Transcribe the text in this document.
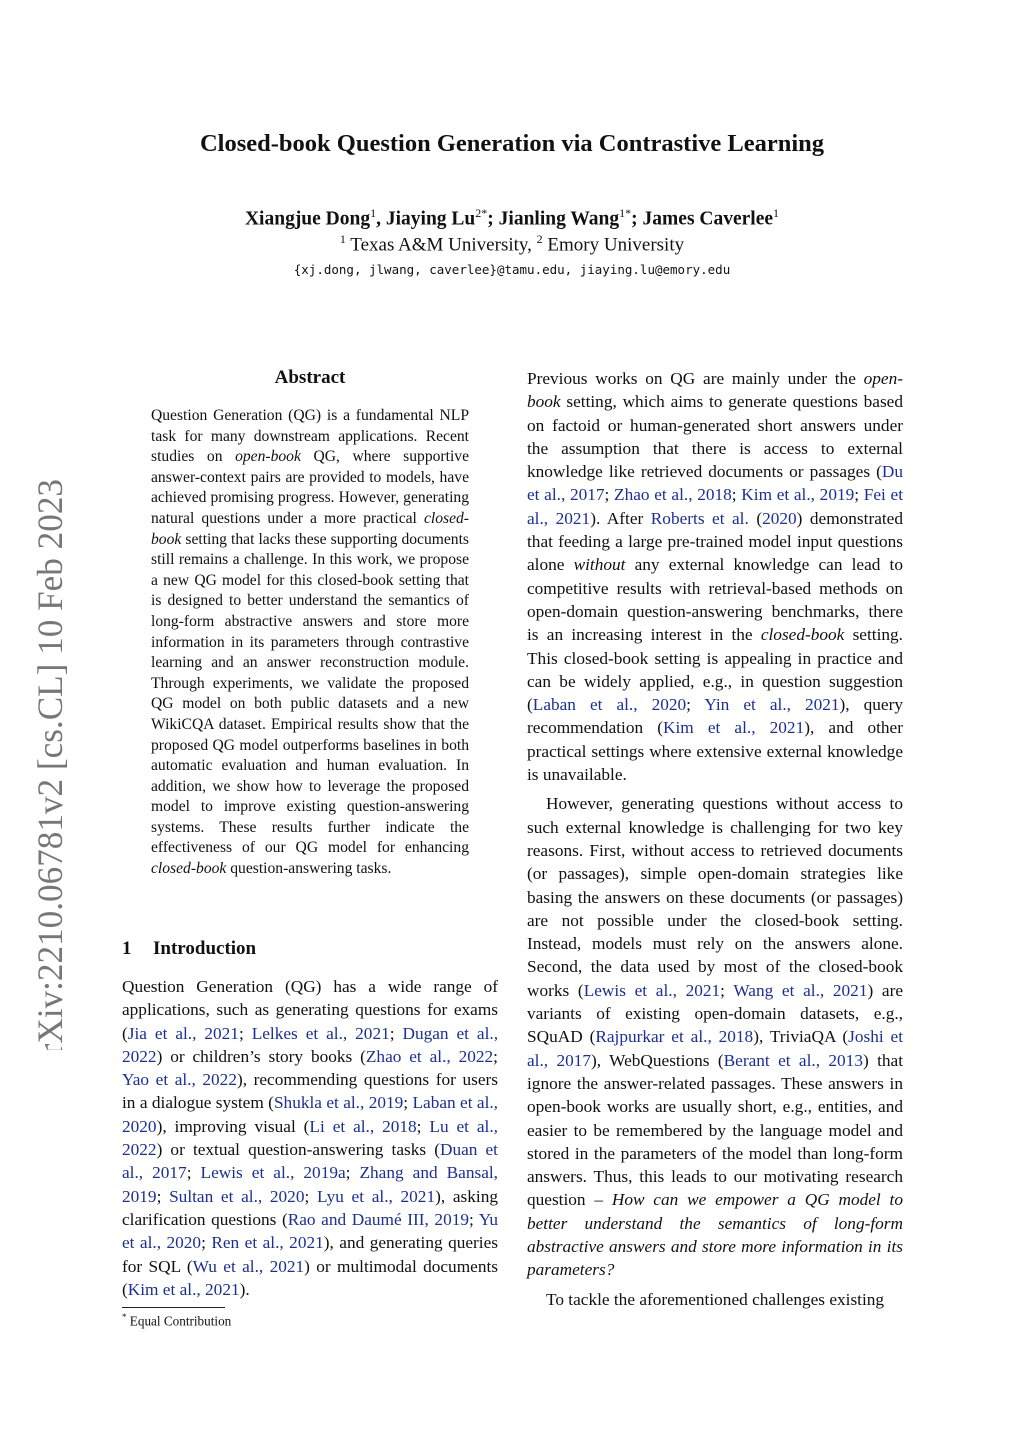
arXiv:2210.06781v2 [cs.CL] 10 Feb 2023
Closed-book Question Generation via Contrastive Learning
Xiangjue Dong$^1$, Jiaying $Lu^{2*}$; Jianling Wang$^{1*}$; James Caverlee$^1$
$^1$ Texas A&M University, $^2$ Emory University
{xj.dong, jlwang, caverlee}@tamu.edu, jiaying.lu@emory.edu
Abstract
Question Generation (QG) is a fundamental NLP task for many downstream applications. Recent studies on open-book QG, where supportive answer-context pairs are provided to models, have achieved promising progress. However, generating natural questions under a more practical closed-book setting that lacks these supporting documents still remains a challenge. In this work, we propose a new QG model for this closed-book setting that is designed to better understand the semantics of long-form abstractive answers and store more information in its parameters through contrastive learning and an answer reconstruction module. Through experiments, we validate the proposed QG model on both public datasets and a new WikiCQA dataset. Empirical results show that the proposed QG model outperforms baselines in both automatic evaluation and human evaluation. In addition, we show how to leverage the proposed model to improve existing question-answering systems. These results further indicate the effectiveness of our QG model for enhancing closed-book question-answering tasks.
1 Introduction
Question Generation (QG) has a wide range of applications, such as generating questions for exams (Jia et al., 2021; Lelkes et al., 2021; Dugan et al., 2022) or children’s story books (Zhao et al., 2022; Yao et al., 2022), recommending questions for users in a dialogue system (Shukla et al., 2019; Laban et al., 2020), improving visual (Li et al., 2018; Lu et al., 2022) or textual question-answering tasks (Duan et al., 2017; Lewis et al., 2019a; Zhang and Bansal, 2019; Sultan et al., 2020; Lyu et al., 2021), asking clarification questions (Rao and Daumé III, 2019; Yu et al., 2020; Ren et al., 2021), and generating queries for SQL (Wu et al., 2021) or multimodal documents (Kim et al., 2021).
* Equal Contribution

Previous works on QG are mainly under the open-book setting, which aims to generate questions based on factoid or human-generated short answers under the assumption that there is access to external knowledge like retrieved documents or passages (Du et al., 2017; Zhao et al., 2018; Kim et al., 2019; Fei et al., 2021). After Roberts et al. (2020) demonstrated that feeding a large pre-trained model input questions alone without any external knowledge can lead to competitive results with retrieval-based methods on open-domain question-answering benchmarks, there is an increasing interest in the closed-book setting. This closed-book setting is appealing in practice and can be widely applied, e.g., in question suggestion (Laban et al., 2020; Yin et al., 2021), query recommendation (Kim et al., 2021), and other practical settings where extensive external knowledge is unavailable.

However, generating questions without access to such external knowledge is challenging for two key reasons. First, without access to retrieved documents (or passages), simple open-domain strategies like basing the answers on these documents (or passages) are not possible under the closed-book setting. Instead, models must rely on the answers alone. Second, the data used by most of the closed-book works (Lewis et al., 2021; Wang et al., 2021) are variants of existing open-domain datasets, e.g., SQuAD (Rajpurkar et al., 2018), TriviaQA (Joshi et al., 2017), WebQuestions (Berant et al., 2013) that ignore the answer-related passages. These answers in open-book works are usually short, e.g., entities, and easier to be remembered by the language model and stored in the parameters of the model than long-form answers. Thus, this leads to our motivating research question – How can we empower a QG model to better understand the semantics of long-form abstractive answers and store more information in its parameters?

To tackle the aforementioned challenges existing
